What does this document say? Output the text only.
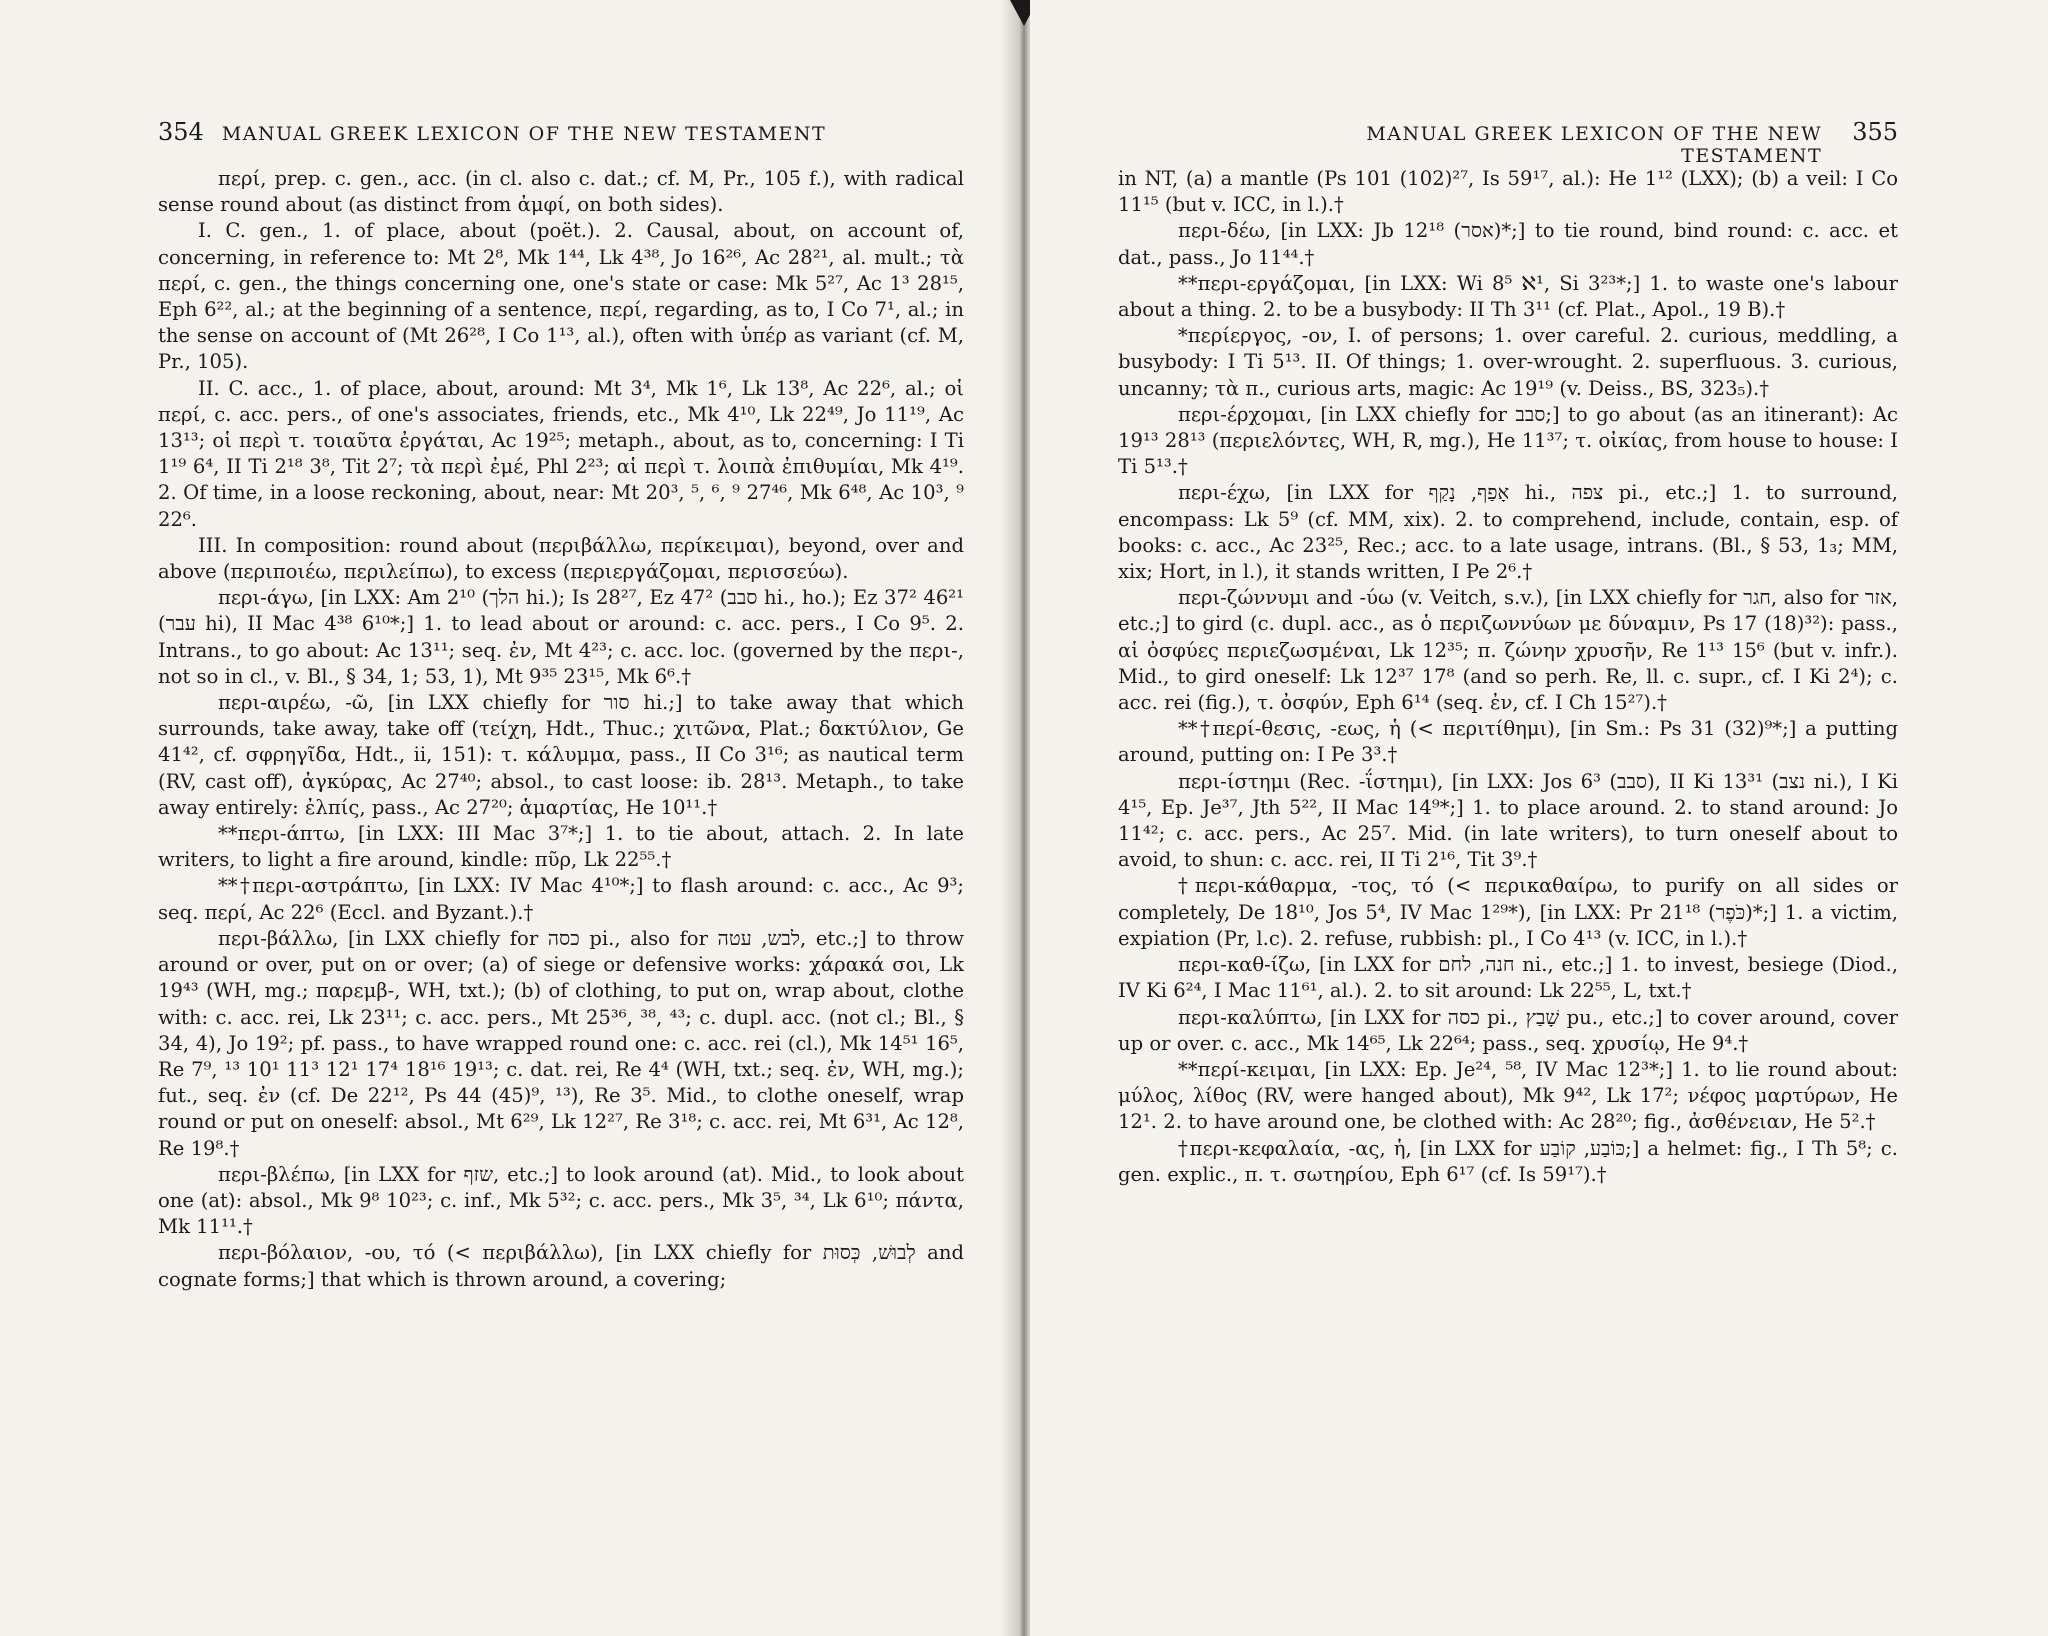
354 MANUAL GREEK LEXICON OF THE NEW TESTAMENT

περί, prep. c. gen., acc. (in cl. also c. dat.; cf. M, Pr., 105 f.), with radical sense round about (as distinct from ἀμφί, on both sides).

I. C. gen., 1. of place, about (poët.). 2. Causal, about, on account of, concerning, in reference to: Mt 2⁸, Mk 1⁴⁴, Lk 4³⁸, Jo 16²⁶, Ac 28²¹, al. mult.; τὰ περί, c. gen., the things concerning one, one's state or case: Mk 5²⁷, Ac 1³ 28¹⁵, Eph 6²², al.; at the beginning of a sentence, περί, regarding, as to, I Co 7¹, al.; in the sense on account of (Mt 26²⁸, I Co 1¹³, al.), often with ὑπέρ as variant (cf. M, Pr., 105).

II. C. acc., 1. of place, about, around: Mt 3⁴, Mk 1⁶, Lk 13⁸, Ac 22⁶, al.; οἱ περί, c. acc. pers., of one's associates, friends, etc., Mk 4¹⁰, Lk 22⁴⁹, Jo 11¹⁹, Ac 13¹³; οἱ περὶ τ. τοιαῦτα ἐργάται, Ac 19²⁵; metaph., about, as to, concerning: I Ti 1¹⁹ 6⁴, II Ti 2¹⁸ 3⁸, Tit 2⁷; τὰ περὶ ἐμέ, Phl 2²³; αἱ περὶ τ. λοιπὰ ἐπιθυμίαι, Mk 4¹⁹. 2. Of time, in a loose reckoning, about, near: Mt 20³, ⁵, ⁶, ⁹ 27⁴⁶, Mk 6⁴⁸, Ac 10³, ⁹ 22⁶.

III. In composition: round about (περιβάλλω, περίκειμαι), beyond, over and above (περιποιέω, περιλείπω), to excess (περιεργάζομαι, περισσεύω).

περι-άγω, [in LXX: Am 2¹⁰ (הלך hi.); Is 28²⁷, Ez 47² (סבב hi., ho.); Ez 37² 46²¹ (עבר hi), II Mac 4³⁸ 6¹⁰*;] 1. to lead about or around: c. acc. pers., I Co 9⁵. 2. Intrans., to go about: Ac 13¹¹; seq. ἐν, Mt 4²³; c. acc. loc. (governed by the περι-, not so in cl., v. Bl., § 34, 1; 53, 1), Mt 9³⁵ 23¹⁵, Mk 6⁶.†

περι-αιρέω, -ῶ, [in LXX chiefly for סור hi.;] to take away that which surrounds, take away, take off (τείχη, Hdt., Thuc.; χιτῶνα, Plat.; δακτύλιον, Ge 41⁴², cf. σφρηγῖδα, Hdt., ii, 151): τ. κάλυμμα, pass., II Co 3¹⁶; as nautical term (RV, cast off), ἀγκύρας, Ac 27⁴⁰; absol., to cast loose: ib. 28¹³. Metaph., to take away entirely: ἐλπίς, pass., Ac 27²⁰; ἁμαρτίας, He 10¹¹.†

**περι-άπτω, [in LXX: III Mac 3⁷*;] 1. to tie about, attach. 2. In late writers, to light a fire around, kindle: πῦρ, Lk 22⁵⁵.†

**†περι-αστράπτω, [in LXX: IV Mac 4¹⁰*;] to flash around: c. acc., Ac 9³; seq. περί, Ac 22⁶ (Eccl. and Byzant.).†

περι-βάλλω, [in LXX chiefly for כסה pi., also for לבש, עטה, etc.;] to throw around or over, put on or over; (a) of siege or defensive works: χάρακά σοι, Lk 19⁴³ (WH, mg.; παρεμβ-, WH, txt.); (b) of clothing, to put on, wrap about, clothe with: c. acc. rei, Lk 23¹¹; c. acc. pers., Mt 25³⁶, ³⁸, ⁴³; c. dupl. acc. (not cl.; Bl., § 34, 4), Jo 19²; pf. pass., to have wrapped round one: c. acc. rei (cl.), Mk 14⁵¹ 16⁵, Re 7⁹, ¹³ 10¹ 11³ 12¹ 17⁴ 18¹⁶ 19¹³; c. dat. rei, Re 4⁴ (WH, txt.; seq. ἐν, WH, mg.); fut., seq. ἐν (cf. De 22¹², Ps 44 (45)⁹, ¹³), Re 3⁵. Mid., to clothe oneself, wrap round or put on oneself: absol., Mt 6²⁹, Lk 12²⁷, Re 3¹⁸; c. acc. rei, Mt 6³¹, Ac 12⁸, Re 19⁸.†

περι-βλέπω, [in LXX for שזף, etc.;] to look around (at). Mid., to look about one (at): absol., Mk 9⁸ 10²³; c. inf., Mk 5³²; c. acc. pers., Mk 3⁵, ³⁴, Lk 6¹⁰; πάντα, Mk 11¹¹.†

περι-βόλαιον, -ου, τό (< περιβάλλω), [in LXX chiefly for לְבוּשׁ, כְּסוּת and cognate forms;] that which is thrown around, a covering;

MANUAL GREEK LEXICON OF THE NEW TESTAMENT
355

in NT, (a) a mantle (Ps 101 (102)²⁷, Is 59¹⁷, al.): He 1¹² (LXX); (b) a veil: I Co 11¹⁵ (but v. ICC, in l.).†

περι-δέω, [in LXX: Jb 12¹⁸ (אסר)*;] to tie round, bind round: c. acc. et dat., pass., Jo 11⁴⁴.†

**περι-εργάζομαι, [in LXX: Wi 8⁵ ℵ¹, Si 3²³*;] 1. to waste one's labour about a thing. 2. to be a busybody: II Th 3¹¹ (cf. Plat., Apol., 19 B).†

*περίεργος, -ον, I. of persons; 1. over careful. 2. curious, meddling, a busybody: I Ti 5¹³. II. Of things; 1. over-wrought. 2. superfluous. 3. curious, uncanny; τὰ π., curious arts, magic: Ac 19¹⁹ (v. Deiss., BS, 323₅).†

περι-έρχομαι, [in LXX chiefly for סבב;] to go about (as an itinerant): Ac 19¹³ 28¹³ (περιελόντες, WH, R, mg.), He 11³⁷; τ. οἰκίας, from house to house: I Ti 5¹³.†

περι-έχω, [in LXX for אָפַף, נָקַף hi., צפה pi., etc.;] 1. to surround, encompass: Lk 5⁹ (cf. MM, xix). 2. to comprehend, include, contain, esp. of books: c. acc., Ac 23²⁵, Rec.; acc. to a late usage, intrans. (Bl., § 53, 1₃; MM, xix; Hort, in l.), it stands written, I Pe 2⁶.†

περι-ζώννυμι and -ύω (v. Veitch, s.v.), [in LXX chiefly for חגר, also for אזר, etc.;] to gird (c. dupl. acc., as ὁ περιζωννύων με δύναμιν, Ps 17 (18)³²): pass., αἱ ὀσφύες περιεζωσμέναι, Lk 12³⁵; π. ζώνην χρυσῆν, Re 1¹³ 15⁶ (but v. infr.). Mid., to gird oneself: Lk 12³⁷ 17⁸ (and so perh. Re, ll. c. supr., cf. I Ki 2⁴); c. acc. rei (fig.), τ. ὀσφύν, Eph 6¹⁴ (seq. ἐν, cf. I Ch 15²⁷).†

**†περί-θεσις, -εως, ἡ (< περιτίθημι), [in Sm.: Ps 31 (32)⁹*;] a putting around, putting on: I Pe 3³.†

περι-ίστημι (Rec. -ΐστημι), [in LXX: Jos 6³ (סבב), II Ki 13³¹ (נצב ni.), I Ki 4¹⁵, Ep. Je³⁷, Jth 5²², II Mac 14⁹*;] 1. to place around. 2. to stand around: Jo 11⁴²; c. acc. pers., Ac 25⁷. Mid. (in late writers), to turn oneself about to avoid, to shun: c. acc. rei, II Ti 2¹⁶, Tit 3⁹.†

†περι-κάθαρμα, -τος, τό (< περικαθαίρω, to purify on all sides or completely, De 18¹⁰, Jos 5⁴, IV Mac 1²⁹*), [in LXX: Pr 21¹⁸ (כֹּפֶר)*;] 1. a victim, expiation (Pr, l.c). 2. refuse, rubbish: pl., I Co 4¹³ (v. ICC, in l.).†

περι-καθ-ίζω, [in LXX for חנה, לחם ni., etc.;] 1. to invest, besiege (Diod., IV Ki 6²⁴, I Mac 11⁶¹, al.). 2. to sit around: Lk 22⁵⁵, L, txt.†

περι-καλύπτω, [in LXX for כסה pi., שָׁבַץ pu., etc.;] to cover around, cover up or over. c. acc., Mk 14⁶⁵, Lk 22⁶⁴; pass., seq. χρυσίῳ, He 9⁴.†

**περί-κειμαι, [in LXX: Ep. Je²⁴, ⁵⁸, IV Mac 12³*;] 1. to lie round about: μύλος, λίθος (RV, were hanged about), Mk 9⁴², Lk 17²; νέφος μαρτύρων, He 12¹. 2. to have around one, be clothed with: Ac 28²⁰; fig., ἀσθένειαν, He 5².†

†περι-κεφαλαία, -ας, ἡ, [in LXX for כּוֹבַע, קוֹבַע;] a helmet: fig., I Th 5⁸; c. gen. explic., π. τ. σωτηρίου, Eph 6¹⁷ (cf. Is 59¹⁷).†
